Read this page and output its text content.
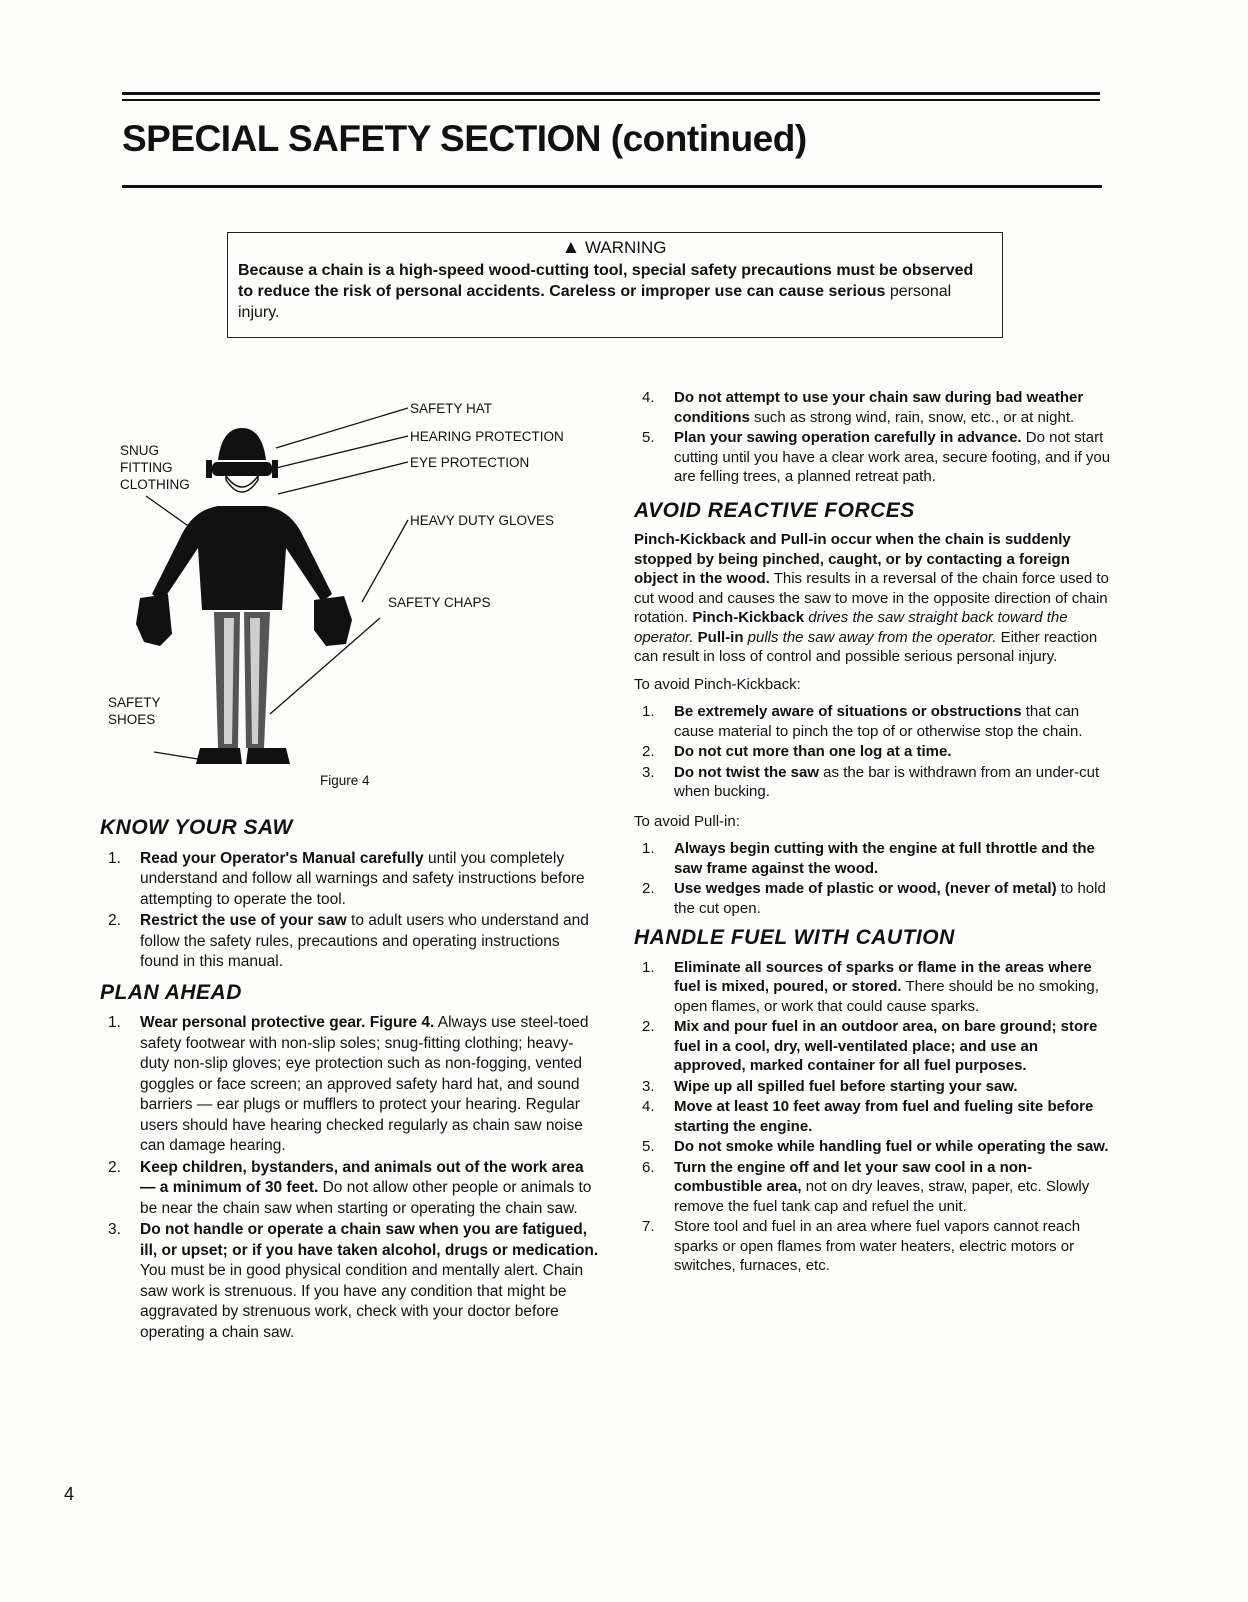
SPECIAL SAFETY SECTION (continued)
▲ WARNING
Because a chain is a high-speed wood-cutting tool, special safety precautions must be observed to reduce the risk of personal accidents. Careless or improper use can cause serious personal injury.
SAFETY HAT
HEARING PROTECTION
EYE PROTECTION
HEAVY DUTY GLOVES
SAFETY CHAPS
SNUG
FITTING
CLOTHING
SAFETY
SHOES
Figure 4
KNOW YOUR SAW
1. Read your Operator's Manual carefully until you completely understand and follow all warnings and safety instructions before attempting to operate the tool.
2. Restrict the use of your saw to adult users who understand and follow the safety rules, precautions and operating instructions found in this manual.
PLAN AHEAD
1. Wear personal protective gear. Figure 4. Always use steel-toed safety footwear with non-slip soles; snug-fitting clothing; heavy-duty non-slip gloves; eye protection such as non-fogging, vented goggles or face screen; an approved safety hard hat, and sound barriers — ear plugs or mufflers to protect your hearing. Regular users should have hearing checked regularly as chain saw noise can damage hearing.
2. Keep children, bystanders, and animals out of the work area — a minimum of 30 feet. Do not allow other people or animals to be near the chain saw when starting or operating the chain saw.
3. Do not handle or operate a chain saw when you are fatigued, ill, or upset; or if you have taken alcohol, drugs or medication. You must be in good physical condition and mentally alert. Chain saw work is strenuous. If you have any condition that might be aggravated by strenuous work, check with your doctor before operating a chain saw.
4. Do not attempt to use your chain saw during bad weather conditions such as strong wind, rain, snow, etc., or at night.
5. Plan your sawing operation carefully in advance. Do not start cutting until you have a clear work area, secure footing, and if you are felling trees, a planned retreat path.
AVOID REACTIVE FORCES

Pinch-Kickback and Pull-in occur when the chain is suddenly stopped by being pinched, caught, or by contacting a foreign object in the wood. This results in a reversal of the chain force used to cut wood and causes the saw to move in the opposite direction of chain rotation. Pinch-Kickback drives the saw straight back toward the operator. Pull-in pulls the saw away from the operator. Either reaction can result in loss of control and possible serious personal injury.

To avoid Pinch-Kickback:

1. Be extremely aware of situations or obstructions that can cause material to pinch the top of or otherwise stop the chain.
2. Do not cut more than one log at a time.
3. Do not twist the saw as the bar is withdrawn from an under-cut when bucking.

To avoid Pull-in:

1. Always begin cutting with the engine at full throttle and the saw frame against the wood.
2. Use wedges made of plastic or wood, (never of metal) to hold the cut open.
HANDLE FUEL WITH CAUTION
1. Eliminate all sources of sparks or flame in the areas where fuel is mixed, poured, or stored. There should be no smoking, open flames, or work that could cause sparks.
2. Mix and pour fuel in an outdoor area, on bare ground; store fuel in a cool, dry, well-ventilated place; and use an approved, marked container for all fuel purposes.
3. Wipe up all spilled fuel before starting your saw.
4. Move at least 10 feet away from fuel and fueling site before starting the engine.
5. Do not smoke while handling fuel or while operating the saw.
6. Turn the engine off and let your saw cool in a non-combustible area, not on dry leaves, straw, paper, etc. Slowly remove the fuel tank cap and refuel the unit.
7. Store tool and fuel in an area where fuel vapors cannot reach sparks or open flames from water heaters, electric motors or switches, furnaces, etc.
4
